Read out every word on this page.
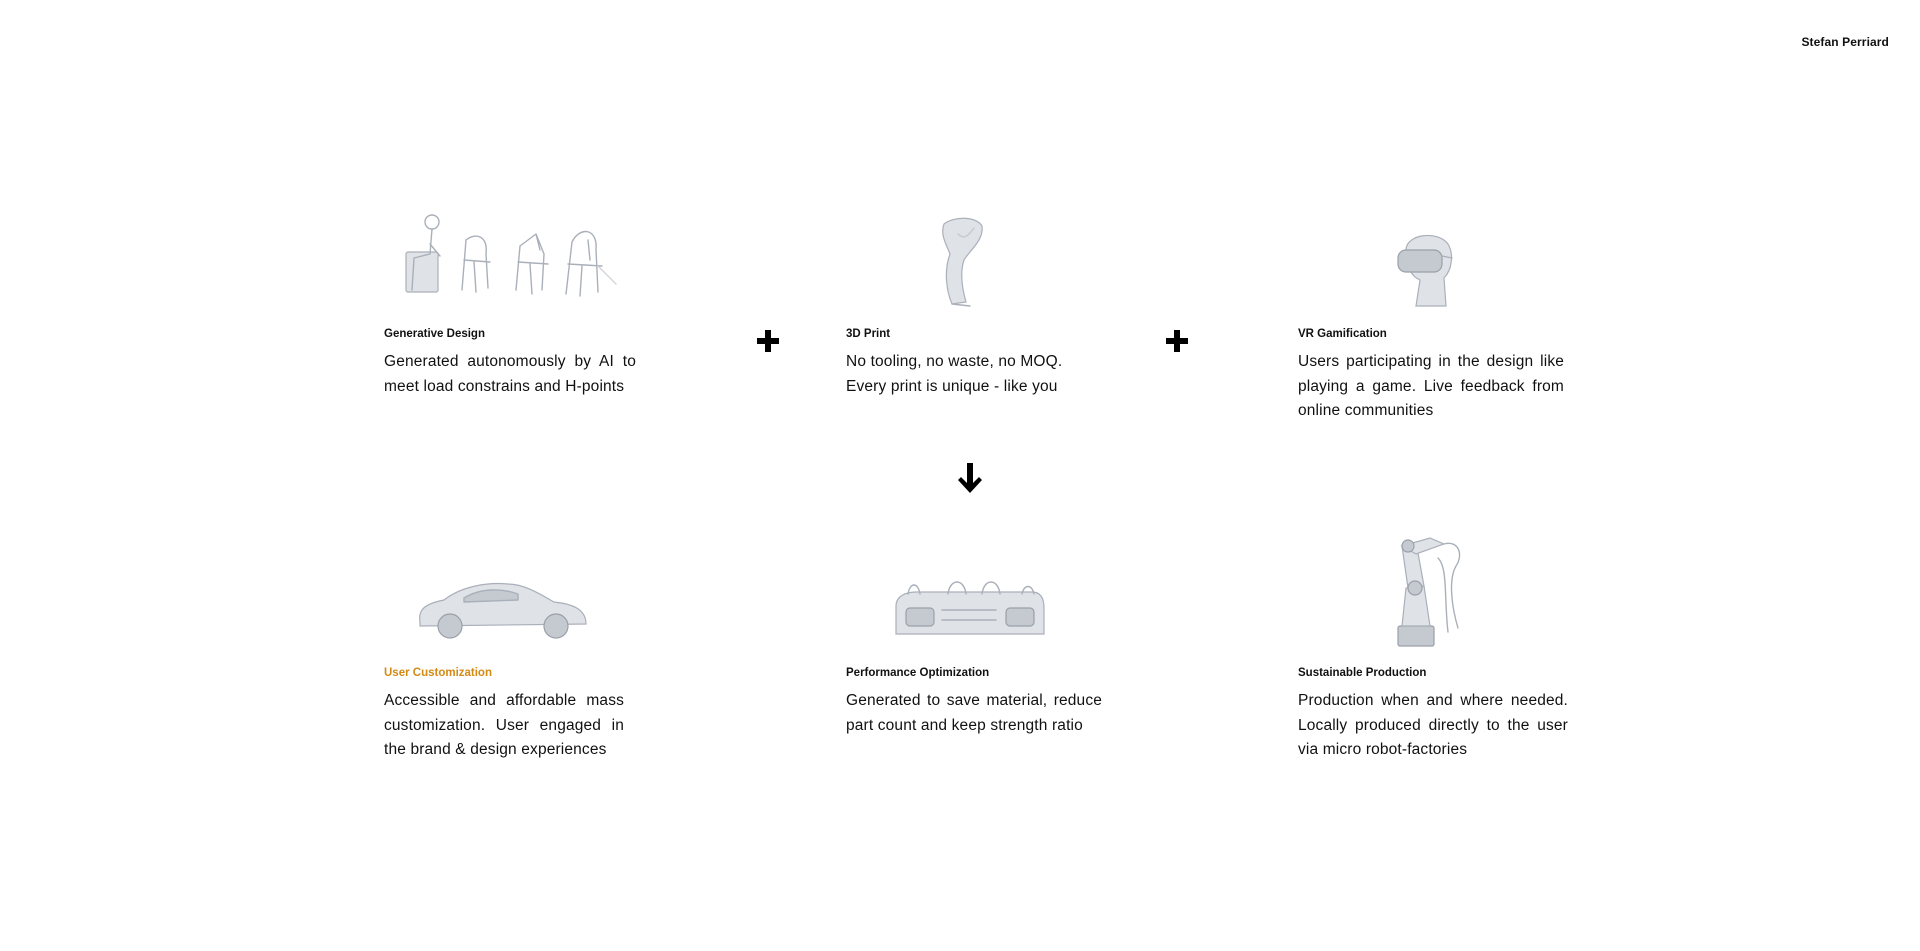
Stefan Perriard
Generative Design
Generated autonomously by AI to meet load constrains and H-points
3D Print
No tooling, no waste, no MOQ. Every print is unique - like you
VR Gamification
Users participating in the design like playing a game. Live feedback from online communities
User Customization
Accessible and affordable mass customization. User engaged in the brand & design experiences
Performance Optimization
Generated to save material, reduce part count and keep strength ratio
Sustainable Production
Production when and where needed. Locally produced directly to the user via micro robot-factories
